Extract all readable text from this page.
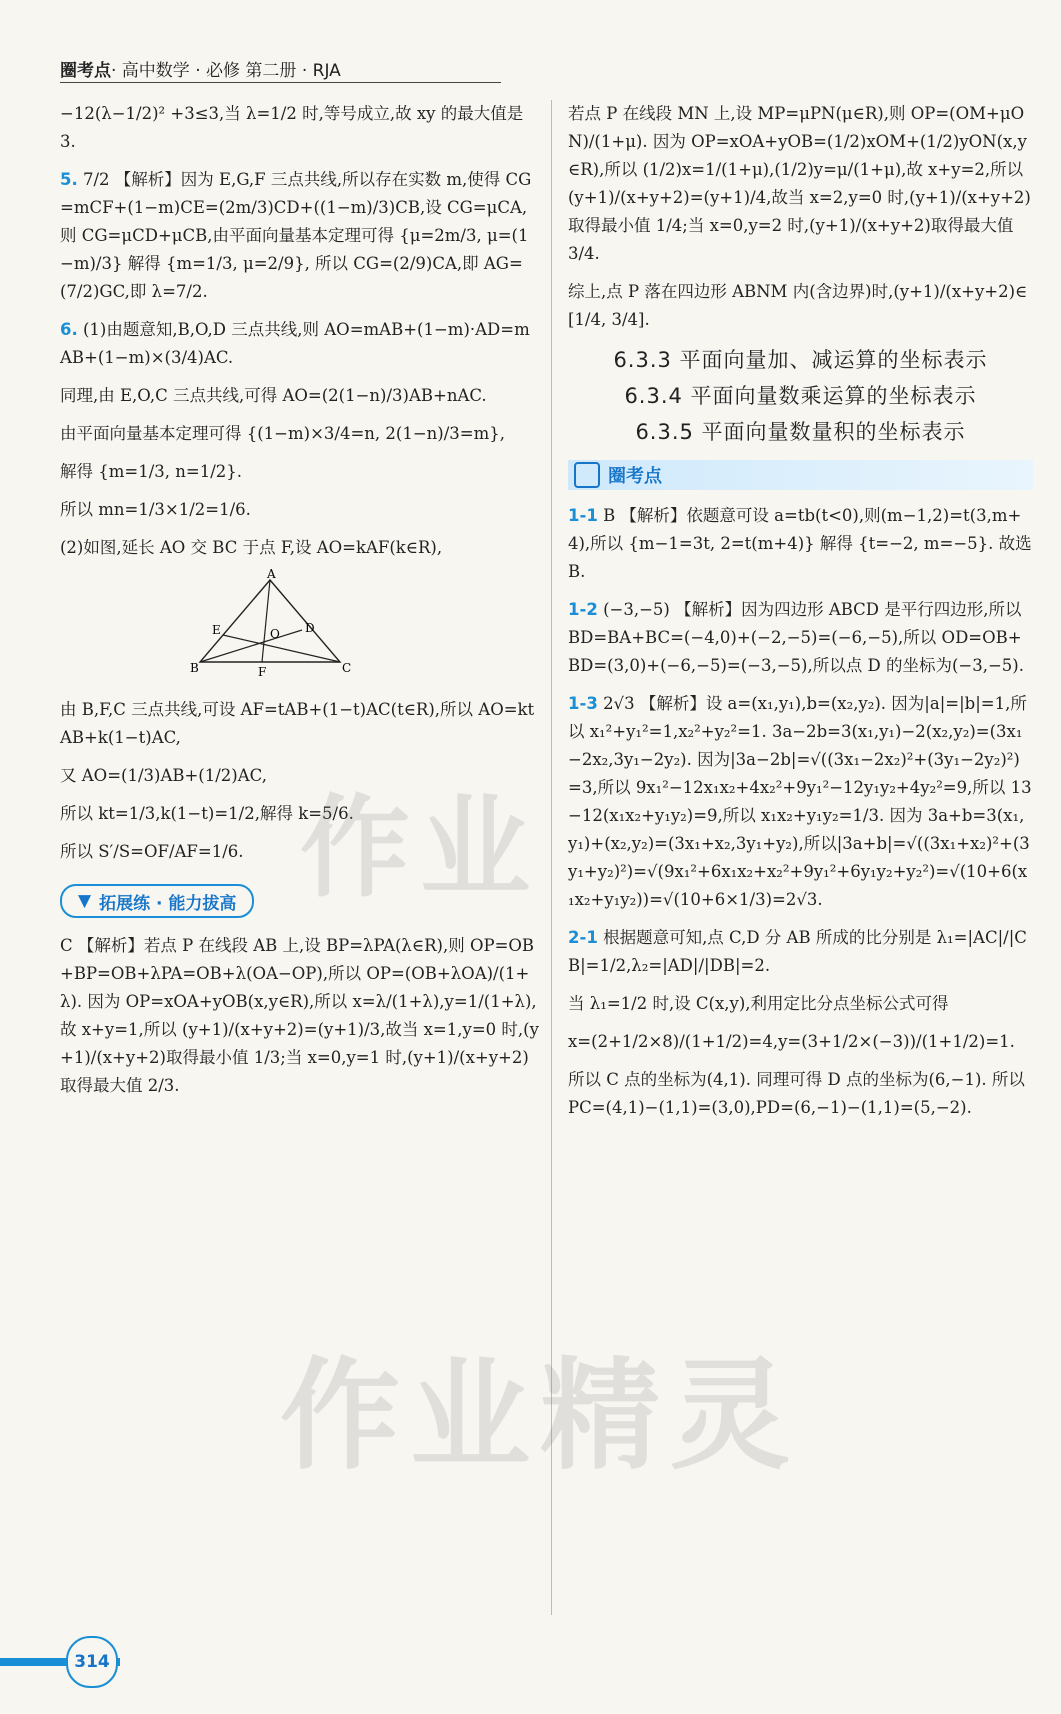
圈考点· 高中数学 · 必修 第二册 · RJA

−12(λ−1/2)² +3≤3,当 λ=1/2 时,等号成立,故 xy 的最大值是 3.

5. 7/2 【解析】因为 E,G,F 三点共线,所以存在实数 m,使得 CG=mCF+(1−m)CE=(2m/3)CD+((1−m)/3)CB,设 CG=μCA,则 CG=μCD+μCB,由平面向量基本定理可得 {μ=2m/3, μ=(1−m)/3} 解得 {m=1/3, μ=2/9}, 所以 CG=(2/9)CA,即 AG=(7/2)GC,即 λ=7/2.

6. (1)由题意知,B,O,D 三点共线,则 AO=mAB+(1−m)·AD=mAB+(1−m)×(3/4)AC.

同理,由 E,O,C 三点共线,可得 AO=(2(1−n)/3)AB+nAC.

由平面向量基本定理可得 {(1−m)×3/4=n, 2(1−n)/3=m},

解得 {m=1/3, n=1/2}.

所以 mn=1/3×1/2=1/6.

(2)如图,延长 AO 交 BC 于点 F,设 AO=kAF(k∈R),

A
B	C
D
E
F
O

由 B,F,C 三点共线,可设 AF=tAB+(1−t)AC(t∈R),所以 AO=ktAB+k(1−t)AC,

又 AO=(1/3)AB+(1/2)AC,

所以 kt=1/3,k(1−t)=1/2,解得 k=5/6.

所以 S′/S=OF/AF=1/6.

▼ 拓展练 · 能力拔高

C 【解析】若点 P 在线段 AB 上,设 BP=λPA(λ∈R),则 OP=OB+BP=OB+λPA=OB+λ(OA−OP),所以 OP=(OB+λOA)/(1+λ). 因为 OP=xOA+yOB(x,y∈R),所以 x=λ/(1+λ),y=1/(1+λ),故 x+y=1,所以 (y+1)/(x+y+2)=(y+1)/3,故当 x=1,y=0 时,(y+1)/(x+y+2)取得最小值 1/3;当 x=0,y=1 时,(y+1)/(x+y+2)取得最大值 2/3.

若点 P 在线段 MN 上,设 MP=μPN(μ∈R),则 OP=(OM+μON)/(1+μ). 因为 OP=xOA+yOB=(1/2)xOM+(1/2)yON(x,y∈R),所以 (1/2)x=1/(1+μ),(1/2)y=μ/(1+μ),故 x+y=2,所以 (y+1)/(x+y+2)=(y+1)/4,故当 x=2,y=0 时,(y+1)/(x+y+2)取得最小值 1/4;当 x=0,y=2 时,(y+1)/(x+y+2)取得最大值 3/4.

综上,点 P 落在四边形 ABNM 内(含边界)时,(y+1)/(x+y+2)∈[1/4, 3/4].

6.3.3 平面向量加、减运算的坐标表示
6.3.4 平面向量数乘运算的坐标表示
6.3.5 平面向量数量积的坐标表示
圈考点

1-1 B 【解析】依题意可设 a=tb(t<0),则(m−1,2)=t(3,m+4),所以 {m−1=3t, 2=t(m+4)} 解得 {t=−2, m=−5}. 故选 B.

1-2 (−3,−5) 【解析】因为四边形 ABCD 是平行四边形,所以 BD=BA+BC=(−4,0)+(−2,−5)=(−6,−5),所以 OD=OB+BD=(3,0)+(−6,−5)=(−3,−5),所以点 D 的坐标为(−3,−5).

1-3 2√3 【解析】设 a=(x₁,y₁),b=(x₂,y₂). 因为|a|=|b|=1,所以 x₁²+y₁²=1,x₂²+y₂²=1. 3a−2b=3(x₁,y₁)−2(x₂,y₂)=(3x₁−2x₂,3y₁−2y₂). 因为|3a−2b|=√((3x₁−2x₂)²+(3y₁−2y₂)²)=3,所以 9x₁²−12x₁x₂+4x₂²+9y₁²−12y₁y₂+4y₂²=9,所以 13−12(x₁x₂+y₁y₂)=9,所以 x₁x₂+y₁y₂=1/3. 因为 3a+b=3(x₁,y₁)+(x₂,y₂)=(3x₁+x₂,3y₁+y₂),所以|3a+b|=√((3x₁+x₂)²+(3y₁+y₂)²)=√(9x₁²+6x₁x₂+x₂²+9y₁²+6y₁y₂+y₂²)=√(10+6(x₁x₂+y₁y₂))=√(10+6×1/3)=2√3.

2-1 根据题意可知,点 C,D 分 AB 所成的比分别是 λ₁=|AC|/|CB|=1/2,λ₂=|AD|/|DB|=2.

当 λ₁=1/2 时,设 C(x,y),利用定比分点坐标公式可得

x=(2+1/2×8)/(1+1/2)=4,y=(3+1/2×(−3))/(1+1/2)=1.

所以 C 点的坐标为(4,1). 同理可得 D 点的坐标为(6,−1). 所以 PC=(4,1)−(1,1)=(3,0),PD=(6,−1)−(1,1)=(5,−2).

作业
作业精灵
314
